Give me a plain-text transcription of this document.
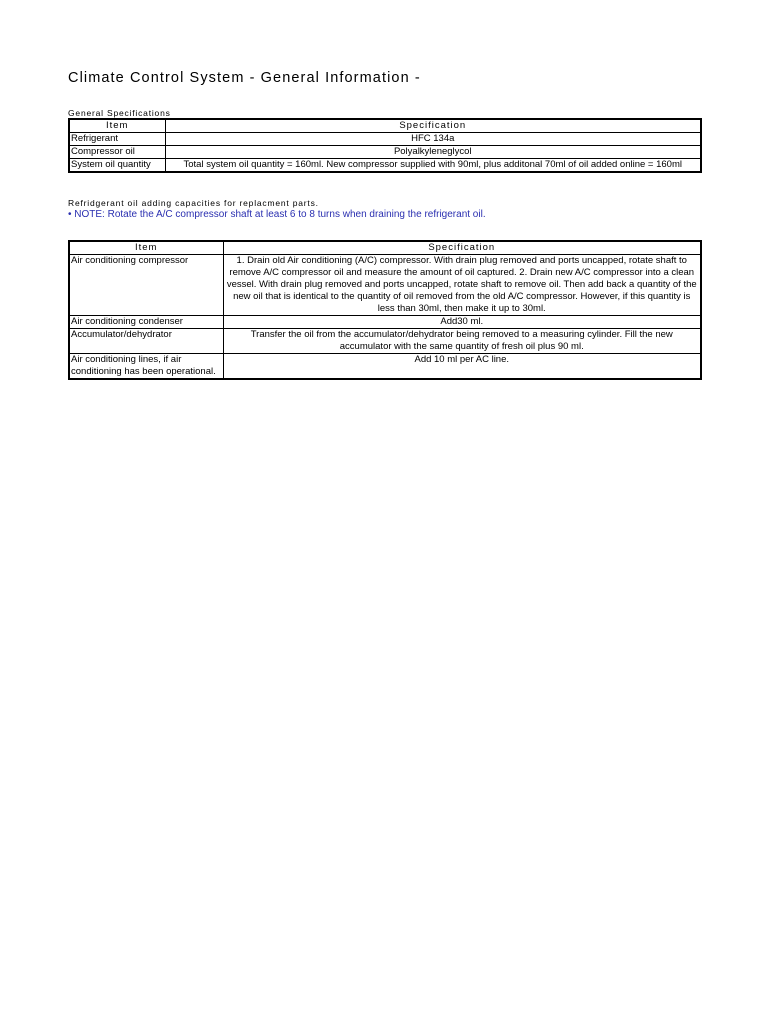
Climate Control System - General Information -
General Specifications
Item	Specification
Refrigerant	HFC 134a
Compressor oil	Polyalkyleneglycol
System oil quantity	Total system oil quantity = 160ml. New compressor supplied with 90ml, plus additonal 70ml of oil added online = 160ml
Refridgerant oil adding capacities for replacment parts.
• NOTE: Rotate the A/C compressor shaft at least 6 to 8 turns when draining the refrigerant oil.
Item	Specification
Air conditioning compressor	1. Drain old Air conditioning (A/C) compressor. With drain plug removed and ports uncapped, rotate shaft to remove A/C compressor oil and measure the amount of oil captured. 2. Drain new A/C compressor into a clean vessel. With drain plug removed and ports uncapped, rotate shaft to remove oil. Then add back a quantity of the new oil that is identical to the quantity of oil removed from the old A/C compressor. However, if this quantity is less than 30ml, then make it up to 30ml.
Air conditioning condenser	Add30 ml.
Accumulator/dehydrator	Transfer the oil from the accumulator/dehydrator being removed to a measuring cylinder. Fill the new accumulator with the same quantity of fresh oil plus 90 ml.
Air conditioning lines, if air conditioning has been operational.	Add 10 ml per AC line.
